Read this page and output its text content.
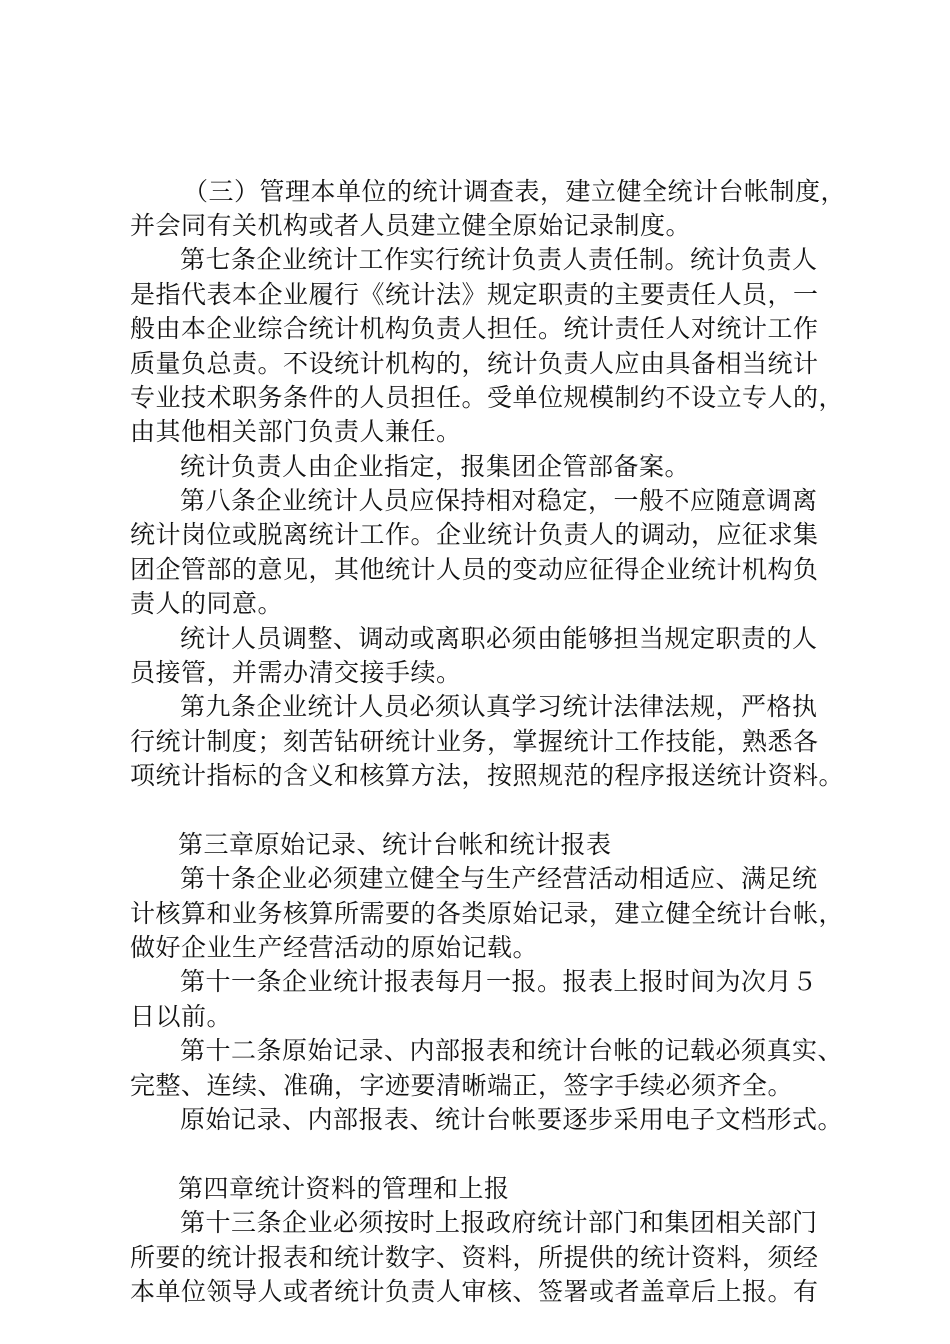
（三）管理本单位的统计调查表，建立健全统计台帐制度，
并会同有关机构或者人员建立健全原始记录制度。
第七条企业统计工作实行统计负责人责任制。统计负责人
是指代表本企业履行《统计法》规定职责的主要责任人员，一
般由本企业综合统计机构负责人担任。统计责任人对统计工作
质量负总责。不设统计机构的，统计负责人应由具备相当统计
专业技术职务条件的人员担任。受单位规模制约不设立专人的，
由其他相关部门负责人兼任。
统计负责人由企业指定，报集团企管部备案。
第八条企业统计人员应保持相对稳定，一般不应随意调离
统计岗位或脱离统计工作。企业统计负责人的调动，应征求集
团企管部的意见，其他统计人员的变动应征得企业统计机构负
责人的同意。
统计人员调整、调动或离职必须由能够担当规定职责的人
员接管，并需办清交接手续。
第九条企业统计人员必须认真学习统计法律法规，严格执
行统计制度；刻苦钻研统计业务，掌握统计工作技能，熟悉各
项统计指标的含义和核算方法，按照规范的程序报送统计资料。
第三章原始记录、统计台帐和统计报表
第十条企业必须建立健全与生产经营活动相适应、满足统
计核算和业务核算所需要的各类原始记录，建立健全统计台帐，
做好企业生产经营活动的原始记载。
第十一条企业统计报表每月一报。报表上报时间为次月５
日以前。
第十二条原始记录、内部报表和统计台帐的记载必须真实、
完整、连续、准确，字迹要清晰端正，签字手续必须齐全。
原始记录、内部报表、统计台帐要逐步采用电子文档形式。
第四章统计资料的管理和上报
第十三条企业必须按时上报政府统计部门和集团相关部门
所要的统计报表和统计数字、资料，所提供的统计资料，须经
本单位领导人或者统计负责人审核、签署或者盖章后上报。有
